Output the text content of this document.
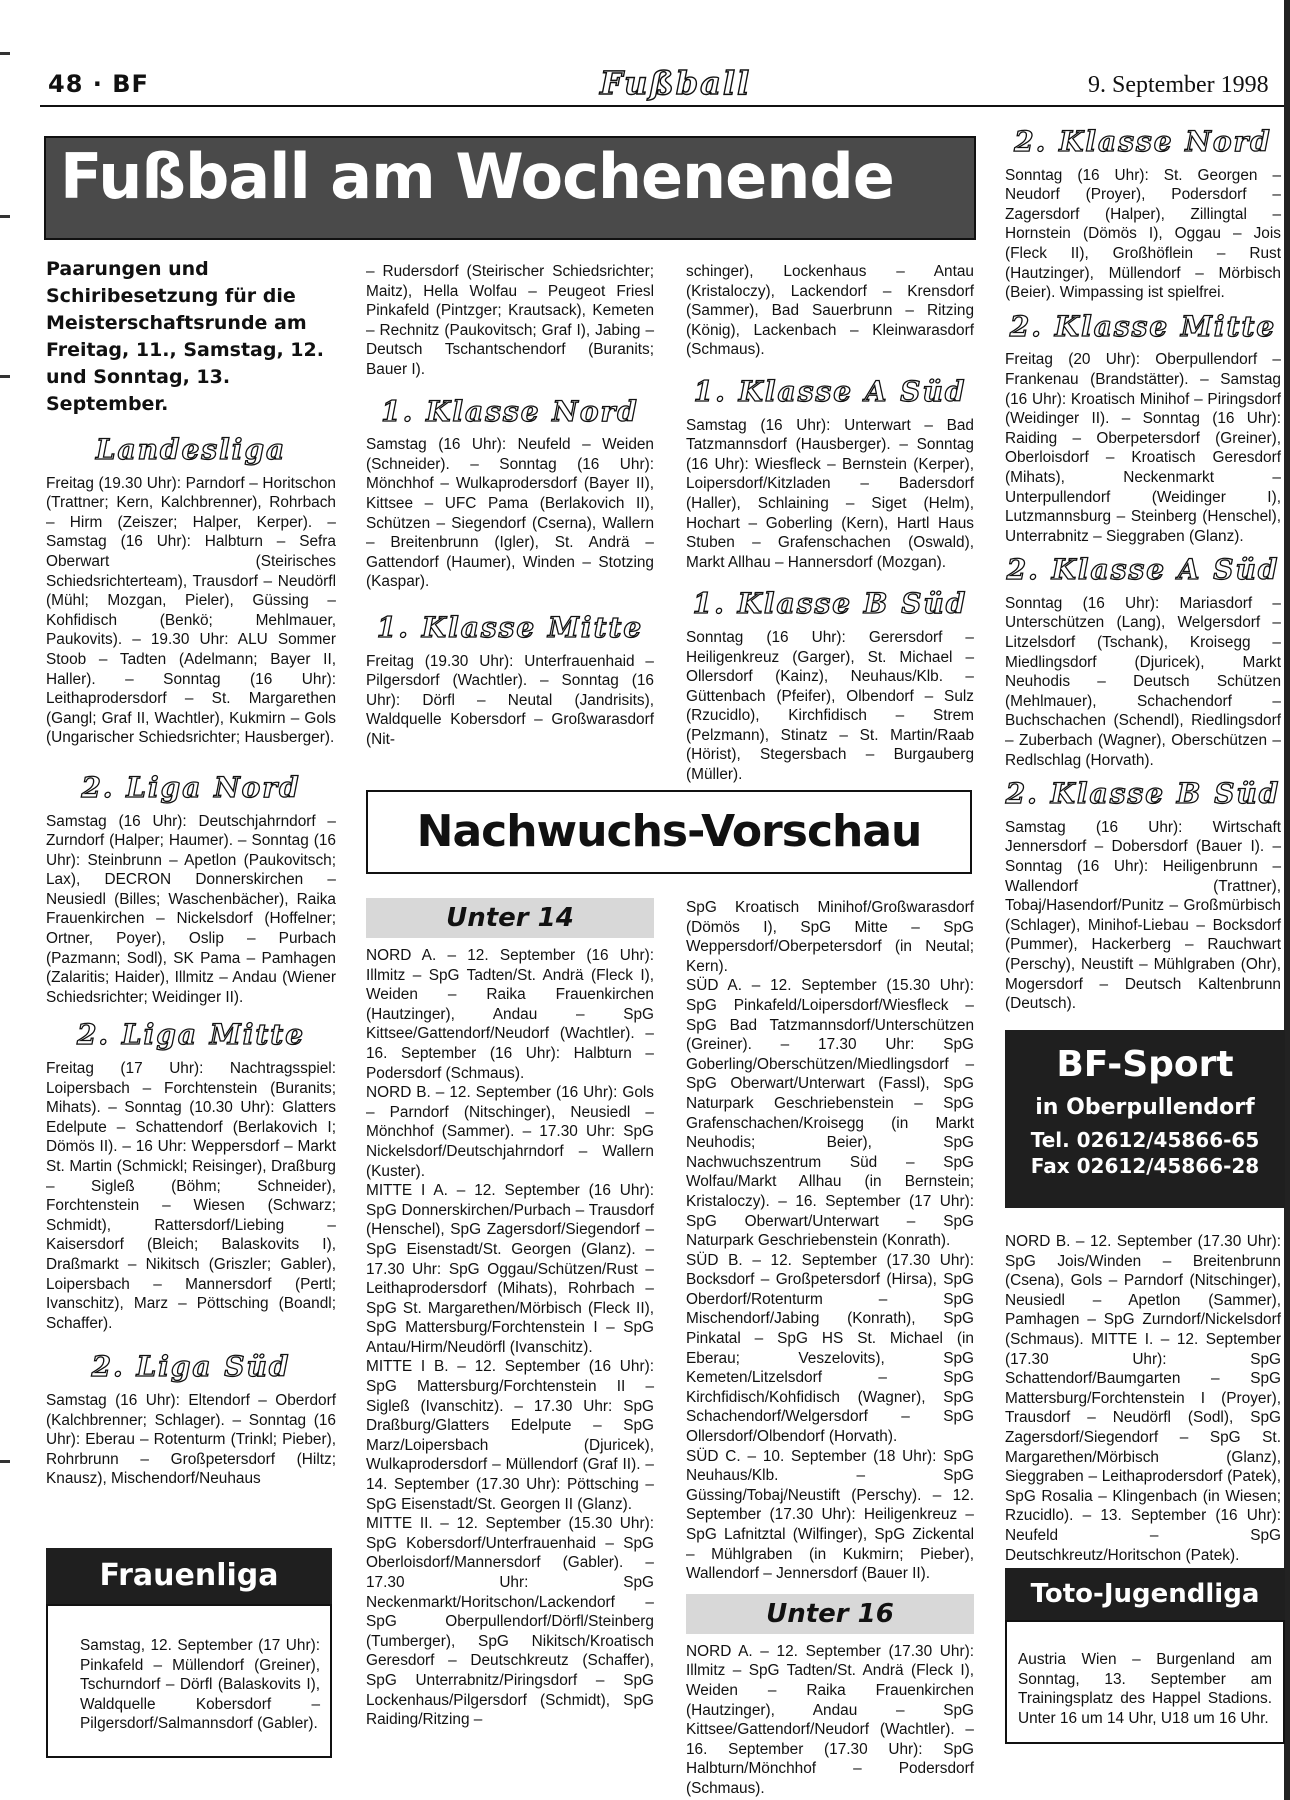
48 · BF	Fußball	9. September 1998
Fußball am Wochenende

Paarungen und Schiribesetzung für die Meisterschaftsrunde am Freitag, 11., Samstag, 12. und Sonntag, 13. September.

Landesliga

Freitag (19.30 Uhr): Parndorf – Horitschon (Trattner; Kern, Kalchbrenner), Rohrbach – Hirm (Zeiszer; Halper, Kerper). – Samstag (16 Uhr): Halbturn – Sefra Oberwart (Steirisches Schiedsrichterteam), Trausdorf – Neudörfl (Mühl; Mozgan, Pieler), Güssing – Kohfidisch (Benkö; Mehlmauer, Paukovits). – 19.30 Uhr: ALU Sommer Stoob – Tadten (Adelmann; Bayer II, Haller). – Sonntag (16 Uhr): Leithaprodersdorf – St. Margarethen (Gangl; Graf II, Wachtler), Kukmirn – Gols (Ungarischer Schiedsrichter; Hausberger).

2. Liga Nord

Samstag (16 Uhr): Deutschjahrndorf – Zurndorf (Halper; Haumer). – Sonntag (16 Uhr): Steinbrunn – Apetlon (Paukovitsch; Lax), DECRON Donnerskirchen – Neusiedl (Billes; Waschenbächer), Raika Frauenkirchen – Nickelsdorf (Hoffelner; Ortner, Poyer), Oslip – Purbach (Pazmann; Sodl), SK Pama – Pamhagen (Zalaritis; Haider), Illmitz – Andau (Wiener Schiedsrichter; Weidinger II).

2. Liga Mitte

Freitag (17 Uhr): Nachtragsspiel: Loipersbach – Forchtenstein (Buranits; Mihats). – Sonntag (10.30 Uhr): Glatters Edelpute – Schattendorf (Berlakovich I; Dömös II). – 16 Uhr: Weppersdorf – Markt St. Martin (Schmickl; Reisinger), Draßburg – Sigleß (Böhm; Schneider), Forchtenstein – Wiesen (Schwarz; Schmidt), Rattersdorf/Liebing – Kaisersdorf (Bleich; Balaskovits I), Draßmarkt – Nikitsch (Griszler; Gabler), Loipersbach – Mannersdorf (Pertl; Ivanschitz), Marz – Pöttsching (Boandl; Schaffer).

2. Liga Süd

Samstag (16 Uhr): Eltendorf – Oberdorf (Kalchbrenner; Schlager). – Sonntag (16 Uhr): Eberau – Rotenturm (Trinkl; Pieber), Rohrbrunn – Großpetersdorf (Hiltz; Knausz), Mischendorf/Neuhaus

Frauenliga
Samstag, 12. September (17 Uhr): Pinkafeld – Müllendorf (Greiner), Tschurndorf – Dörfl (Balaskovits I), Waldquelle Kobersdorf – Pilgersdorf/Salmannsdorf (Gabler).

– Rudersdorf (Steirischer Schiedsrichter; Maitz), Hella Wolfau – Peugeot Friesl Pinkafeld (Pintzger; Krautsack), Kemeten – Rechnitz (Paukovitsch; Graf I), Jabing – Deutsch Tschantschendorf (Buranits; Bauer I).

1. Klasse Nord

Samstag (16 Uhr): Neufeld – Weiden (Schneider). – Sonntag (16 Uhr): Mönchhof – Wulkaprodersdorf (Bayer II), Kittsee – UFC Pama (Berlakovich II), Schützen – Siegendorf (Cserna), Wallern – Breitenbrunn (Igler), St. Andrä – Gattendorf (Haumer), Winden – Stotzing (Kaspar).

1. Klasse Mitte

Freitag (19.30 Uhr): Unterfrauenhaid – Pilgersdorf (Wachtler). – Sonntag (16 Uhr): Dörfl – Neutal (Jandrisits), Waldquelle Kobersdorf – Großwarasdorf (Nit-

schinger), Lockenhaus – Antau (Kristaloczy), Lackendorf – Krensdorf (Sammer), Bad Sauerbrunn – Ritzing (König), Lackenbach – Kleinwarasdorf (Schmaus).

1. Klasse A Süd

Samstag (16 Uhr): Unterwart – Bad Tatzmannsdorf (Hausberger). – Sonntag (16 Uhr): Wiesfleck – Bernstein (Kerper), Loipersdorf/Kitzladen – Badersdorf (Haller), Schlaining – Siget (Helm), Hochart – Goberling (Kern), Hartl Haus Stuben – Grafenschachen (Oswald), Markt Allhau – Hannersdorf (Mozgan).

1. Klasse B Süd

Sonntag (16 Uhr): Gerersdorf – Heiligenkreuz (Garger), St. Michael – Ollersdorf (Kainz), Neuhaus/Klb. – Güttenbach (Pfeifer), Olbendorf – Sulz (Rzucidlo), Kirchfidisch – Strem (Pelzmann), Stinatz – St. Martin/Raab (Hörist), Stegersbach – Burgauberg (Müller).

Nachwuchs-Vorschau
Unter 14

NORD A. – 12. September (16 Uhr): Illmitz – SpG Tadten/St. Andrä (Fleck I), Weiden – Raika Frauenkirchen (Hautzinger), Andau – SpG Kittsee/Gattendorf/Neudorf (Wachtler). – 16. September (16 Uhr): Halbturn – Podersdorf (Schmaus).

NORD B. – 12. September (16 Uhr): Gols – Parndorf (Nitschinger), Neusiedl – Mönchhof (Sammer). – 17.30 Uhr: SpG Nickelsdorf/Deutschjahrndorf – Wallern (Kuster).

MITTE I A. – 12. September (16 Uhr): SpG Donnerskirchen/Purbach – Trausdorf (Henschel), SpG Zagersdorf/Siegendorf – SpG Eisenstadt/St. Georgen (Glanz). – 17.30 Uhr: SpG Oggau/Schützen/Rust – Leithaprodersdorf (Mihats), Rohrbach – SpG St. Margarethen/Mörbisch (Fleck II), SpG Mattersburg/Forchtenstein I – SpG Antau/Hirm/Neudörfl (Ivanschitz).

MITTE I B. – 12. September (16 Uhr): SpG Mattersburg/Forchtenstein II – Sigleß (Ivanschitz). – 17.30 Uhr: SpG Draßburg/Glatters Edelpute – SpG Marz/Loipersbach (Djuricek), Wulkaprodersdorf – Müllendorf (Graf II). – 14. September (17.30 Uhr): Pöttsching – SpG Eisenstadt/St. Georgen II (Glanz).

MITTE II. – 12. September (15.30 Uhr): SpG Kobersdorf/Unterfrauenhaid – SpG Oberloisdorf/Mannersdorf (Gabler). – 17.30 Uhr: SpG Neckenmarkt/Horitschon/Lackendorf – SpG Oberpullendorf/Dörfl/Steinberg (Tumberger), SpG Nikitsch/Kroatisch Geresdorf – Deutschkreutz (Schaffer), SpG Unterrabnitz/Piringsdorf – SpG Lockenhaus/Pilgersdorf (Schmidt), SpG Raiding/Ritzing –

SpG Kroatisch Minihof/Großwarasdorf (Dömös I), SpG Mitte – SpG Weppersdorf/Oberpetersdorf (in Neutal; Kern).

SÜD A. – 12. September (15.30 Uhr): SpG Pinkafeld/Loipersdorf/Wiesfleck – SpG Bad Tatzmannsdorf/Unterschützen (Greiner). – 17.30 Uhr: SpG Goberling/Oberschützen/Miedlingsdorf – SpG Oberwart/Unterwart (Fassl), SpG Naturpark Geschriebenstein – SpG Grafenschachen/Kroisegg (in Markt Neuhodis; Beier), SpG Nachwuchszentrum Süd – SpG Wolfau/Markt Allhau (in Bernstein; Kristaloczy). – 16. September (17 Uhr): SpG Oberwart/Unterwart – SpG Naturpark Geschriebenstein (Konrath).

SÜD B. – 12. September (17.30 Uhr): Bocksdorf – Großpetersdorf (Hirsa), SpG Oberdorf/Rotenturm – SpG Mischendorf/Jabing (Konrath), SpG Pinkatal – SpG HS St. Michael (in Eberau; Veszelovits), SpG Kemeten/Litzelsdorf – SpG Kirchfidisch/Kohfidisch (Wagner), SpG Schachendorf/Welgersdorf – SpG Ollersdorf/Olbendorf (Horvath).

SÜD C. – 10. September (18 Uhr): SpG Neuhaus/Klb. – SpG Güssing/Tobaj/Neustift (Perschy). – 12. September (17.30 Uhr): Heiligenkreuz – SpG Lafnitztal (Wilfinger), SpG Zickental – Mühlgraben (in Kukmirn; Pieber), Wallendorf – Jennersdorf (Bauer II).

Unter 16

NORD A. – 12. September (17.30 Uhr): Illmitz – SpG Tadten/St. Andrä (Fleck I), Weiden – Raika Frauenkirchen (Hautzinger), Andau – SpG Kittsee/Gattendorf/Neudorf (Wachtler). – 16. September (17.30 Uhr): SpG Halbturn/Mönchhof – Podersdorf (Schmaus).

2. Klasse Nord

Sonntag (16 Uhr): St. Georgen – Neudorf (Proyer), Podersdorf – Zagersdorf (Halper), Zillingtal – Hornstein (Dömös I), Oggau – Jois (Fleck II), Großhöflein – Rust (Hautzinger), Müllendorf – Mörbisch (Beier). Wimpassing ist spielfrei.

2. Klasse Mitte

Freitag (20 Uhr): Oberpullendorf – Frankenau (Brandstätter). – Samstag (16 Uhr): Kroatisch Minihof – Piringsdorf (Weidinger II). – Sonntag (16 Uhr): Raiding – Oberpetersdorf (Greiner), Oberloisdorf – Kroatisch Geresdorf (Mihats), Neckenmarkt – Unterpullendorf (Weidinger I), Lutzmannsburg – Steinberg (Henschel), Unterrabnitz – Sieggraben (Glanz).

2. Klasse A Süd

Sonntag (16 Uhr): Mariasdorf – Unterschützen (Lang), Welgersdorf – Litzelsdorf (Tschank), Kroisegg – Miedlingsdorf (Djuricek), Markt Neuhodis – Deutsch Schützen (Mehlmauer), Schachendorf – Buchschachen (Schendl), Riedlingsdorf – Zuberbach (Wagner), Oberschützen – Redlschlag (Horvath).

2. Klasse B Süd

Samstag (16 Uhr): Wirtschaft Jennersdorf – Dobersdorf (Bauer I). – Sonntag (16 Uhr): Heiligenbrunn – Wallendorf (Trattner), Tobaj/Hasendorf/Punitz – Großmürbisch (Schlager), Minihof-Liebau – Bocksdorf (Pummer), Hackerberg – Rauchwart (Perschy), Neustift – Mühlgraben (Ohr), Mogersdorf – Deutsch Kaltenbrunn (Deutsch).

BF-Sport
in Oberpullendorf
Tel. 02612/45866-65
Fax 02612/45866-28
NORD B. – 12. September (17.30 Uhr): SpG Jois/Winden – Breitenbrunn (Csena), Gols – Parndorf (Nitschinger), Neusiedl – Apetlon (Sammer), Pamhagen – SpG Zurndorf/Nickelsdorf (Schmaus). MITTE I. – 12. September (17.30 Uhr): SpG Schattendorf/Baumgarten – SpG Mattersburg/Forchtenstein I (Proyer), Trausdorf – Neudörfl (Sodl), SpG Zagersdorf/Siegendorf – SpG St. Margarethen/Mörbisch (Glanz), Sieggraben – Leithaprodersdorf (Patek), SpG Rosalia – Klingenbach (in Wiesen; Rzucidlo). – 13. September (16 Uhr): Neufeld – SpG Deutschkreutz/Horitschon (Patek).
Toto-Jugendliga
Austria Wien – Burgenland am Sonntag, 13. September am Trainingsplatz des Happel Stadions. Unter 16 um 14 Uhr, U18 um 16 Uhr.
